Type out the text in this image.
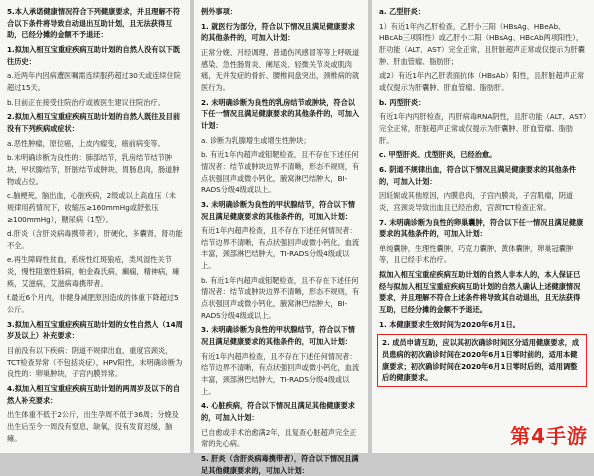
5.本人承诺健康情况符合下列健康要求，并且理解不符合以下条件将导致自动退出互助计划，且无法获得互助，已经分摊的金额不予退还：

1.拟加入相互宝重症疾病互助计划的自然人没有以下既往历史：

a.近两年内因病遭医嘱需连续服药超过30天或连续住院超过15天。

b.目前正在接受住院治疗或被医生建议住院治疗。

2.拟加入相互宝重症疾病互助计划的自然人既往及目前没有下列疾病或症状：

a.恶性肿瘤，原位癌，上皮内瘤变，癌前病变等。

b.未明确诊断为良性的：肺部结节，乳房结节结节肿块，甲状腺结节，肝脏结节或肿块，胃肠息肉，肠道肿物或占位。

c.脑梗死，脑出血，心脏疾病，2级或以上高血压（未规律用药情况下，收缩压≥160mmHg或舒张压≥100mmHg），糖尿病（1型）。

d.肝炎（含肝炎病毒携带者），肝硬化，多囊肾，肾功能不全。

e.再生障碍性贫血，系统性红斑狼疮，类风湿性关节炎，慢性阻塞性肺病，帕金森氏病，癫痫，精神病，瘫痪，艾滋病，艾滋病毒携带者。

f.最近6个月内，非健身减肥原因造成的体重下降超过5公斤。

3.拟加入相互宝重症疾病互助计划的女性自然人（14周岁及以上）补充要求：

目前没有以下疾病：阴道不规律出血，重度宫颈炎，TCT检查异常（不包括炎症），HPV阳性，未明确诊断为良性的：卵巢肿块，子宫内膜异常。

4.拟加入相互宝重症疾病互助计划的两周岁及以下的自然人补充要求：

出生体重不低于2公斤，出生孕周不低于36周；分娩及出生后至今一周没有窒息，缺氧，没有发育迟缓，脑瘫。

例外事项：

1. 就医行为部分，符合以下情况且满足健康要求的其他条件的，可加入计划：

正常分娩、月经调理、普通伤风感冒等等上呼吸道感染、急性肠胃炎、阑尾炎、轻微关节炎或肌肉痛，无并发症的骨折、腰椎间盘突出，颈椎病的就医行为。

2. 未明确诊断为良性的乳房结节或肿块，符合以下任一情况且满足健康要求的其他条件的，可加入计划：

a. 诊断为乳腺增生或增生性肿块；

b. 有近1年内超声或钼靶检查，且不存在下述任何情况者：结节或肿块边界不清晰，形态不规则，有点状强回声或微小钙化，腋窝淋巴结肿大，BI-RADS分级4级或以上。

3. 未明确诊断为良性的甲状腺结节，符合以下情况且满足健康要求的其他条件的，可加入计划：

有近1年内超声检查，且不存在下述任何情况者：结节边界不清晰，有点状强回声或微小钙化，血流丰富，颈部淋巴结肿大，TI-RADS分级4级或以上。

b. 有近1年内超声或钼靶检查，且不存在下述任何情况者：结节或肿块边界不清晰，形态不规则，有点状强回声或微小钙化，腋窝淋巴结肿大，BI-RADS分级4级或以上。

3. 未明确诊断为良性的甲状腺结节，符合以下情况且满足健康要求的其他条件的，可加入计划：

有近1年内超声检查，且不存在下述任何情况者：结节边界不清晰，有点状强回声或微小钙化，血流丰富，颈部淋巴结肿大，TI-RADS分级4级或以上。

4. 心脏疾病，符合以下情况且满足其他健康要求的，可加入计划：

已自愈或手术治愈满2年，且复查心脏超声完全正常的先心病。

5. 肝炎（含肝炎病毒携带者），符合以下情况且满足其他健康要求的，可加入计划：

a. 乙型肝炎：

1）有近1年内乙肝检查，乙肝小三阳（HBsAg、HBeAb、HBcAb三项阳性）或乙肝小二阳（HBsAg、HBcAb两项阳性），肝功能（ALT、AST）完全正常，且肝脏超声正常或仅提示为肝囊肿、肝血管瘤、脂肪肝；

或2）有近1年内乙肝表面抗体（HBsAb）阳性，且肝脏超声正常或仅提示为肝囊肿、肝血管瘤、脂肪肝。

b. 丙型肝炎：

有近1年内丙肝检查，丙肝病毒RNA阴性，且肝功能（ALT、AST）完全正常，肝脏超声正常或仅提示为肝囊肿、肝血管瘤、脂肪肝。

c. 甲型肝炎、戊型肝炎，已经治愈。

6. 阴道不规律出血，符合以下情况且满足健康要求的其他条件的，可加入计划：

因妊娠或其他原因，内膜息肉，子宫内膜炎，子宫肌瘤，阴道炎，宫颈炎导致出血且已经治愈，宫颈TCT检查正常。

7. 未明确诊断为良性的卵巢囊肿，符合以下任一情况且满足健康要求的其他条件的，可加入计划：

单纯囊肿，生理性囊肿，巧克力囊肿，黄体囊肿，卵巢冠囊肿等，且已经手术治疗。

拟加入相互宝重症疾病互助计划的自然人非本人的，本人保证已经与拟加入相互宝重症疾病互助计划的自然人确认上述健康情况要求，并且理解不符合上述条件将导致其自动退出，且无法获得互助，已经分摊的金额不予退还。

1. 本健康要求生效时间为2020年6月1日。

2. 成员申请互助，应以其初次确诊时间区分适用健康要求，成员患病的初次确诊时间在2020年6月1日零时前的，适用本健康要求；初次确诊时间在2020年6月1日零时后的，适用调整后的健康要求。
第4手游
